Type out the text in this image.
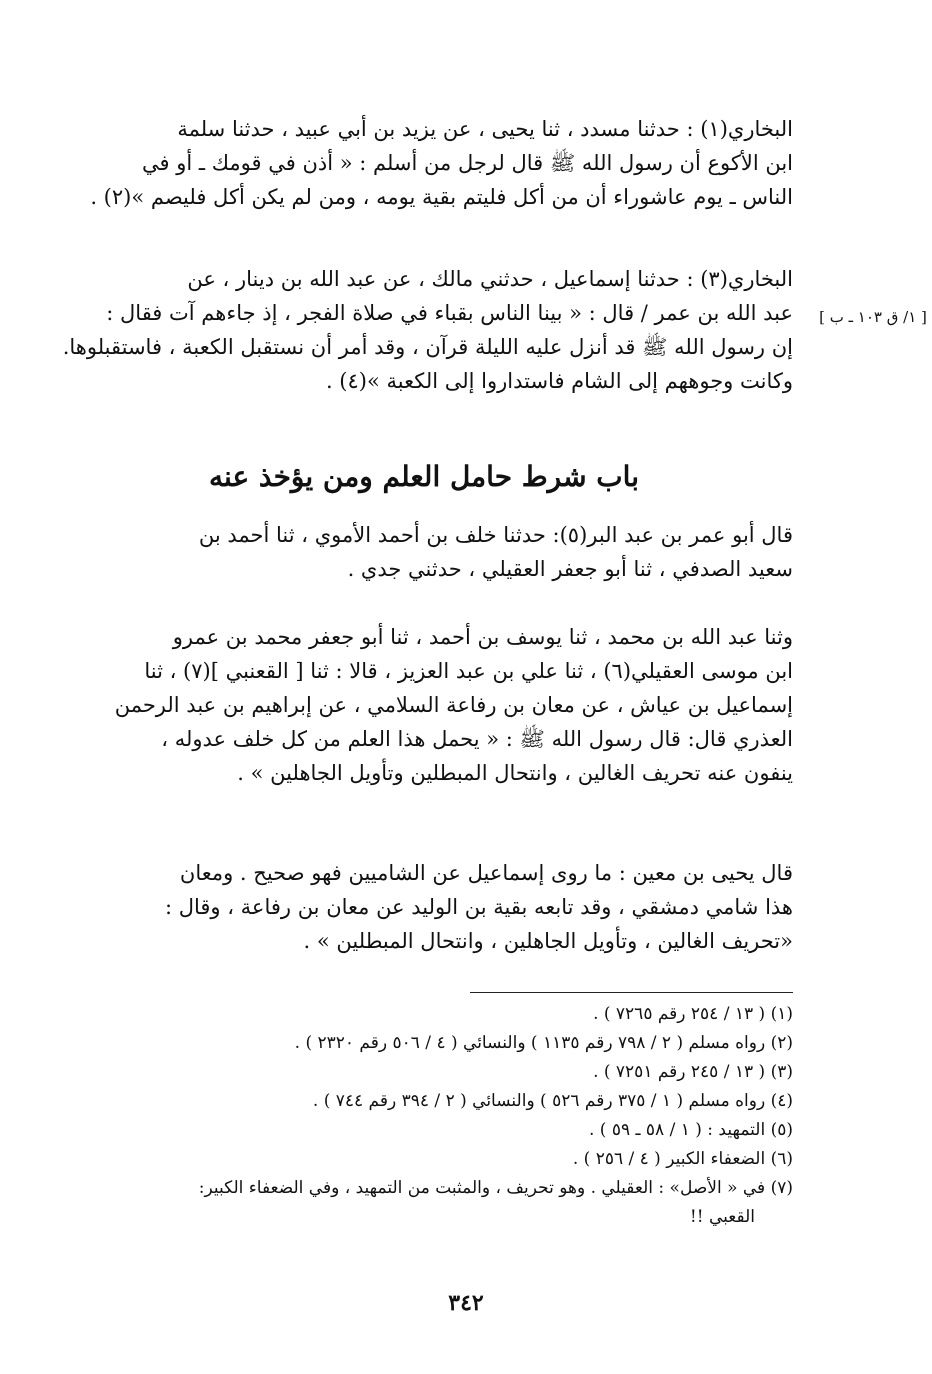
[ ١/ ق ١٠٣ ـ ب ]
البخاري(١) : حدثنا مسدد ، ثنا يحيى ، عن يزيد بن أبي عبيد ، حدثنا سلمة
ابن الأكوع أن رسول الله ﷺ قال لرجل من أسلم : « أذن في قومك ـ أو في
الناس ـ يوم عاشوراء أن من أكل فليتم بقية يومه ، ومن لم يكن أكل فليصم »(٢) .
البخاري(٣) : حدثنا إسماعيل ، حدثني مالك ، عن عبد الله بن دينار ، عن
عبد الله بن عمر / قال : « بينا الناس بقباء في صلاة الفجر ، إذ جاءهم آت فقال :
إن رسول الله ﷺ قد أنزل عليه الليلة قرآن ، وقد أمر أن نستقبل الكعبة ، فاستقبلوها.
وكانت وجوههم إلى الشام فاستداروا إلى الكعبة »(٤) .
باب شرط حامل العلم ومن يؤخذ عنه
قال أبو عمر بن عبد البر(٥): حدثنا خلف بن أحمد الأموي ، ثنا أحمد بن
سعيد الصدفي ، ثنا أبو جعفر العقيلي ، حدثني جدي .
وثنا عبد الله بن محمد ، ثنا يوسف بن أحمد ، ثنا أبو جعفر محمد بن عمرو
ابن موسى العقيلي(٦) ، ثنا علي بن عبد العزيز ، قالا : ثنا [ القعنبي ](٧) ، ثنا
إسماعيل بن عياش ، عن معان بن رفاعة السلامي ، عن إبراهيم بن عبد الرحمن
العذري قال: قال رسول الله ﷺ : « يحمل هذا العلم من كل خلف عدوله ،
ينفون عنه تحريف الغالين ، وانتحال المبطلين وتأويل الجاهلين » .
قال يحيى بن معين : ما روى إسماعيل عن الشاميين فهو صحيح . ومعان
هذا شامي دمشقي ، وقد تابعه بقية بن الوليد عن معان بن رفاعة ، وقال :
«تحريف الغالين ، وتأويل الجاهلين ، وانتحال المبطلين » .
(١) ( ١٣ / ٢٥٤ رقم ٧٢٦٥ ) .
(٢) رواه مسلم ( ٢ / ٧٩٨ رقم ١١٣٥ ) والنسائي ( ٤ / ٥٠٦ رقم ٢٣٢٠ ) .
(٣) ( ١٣ / ٢٤٥ رقم ٧٢٥١ ) .
(٤) رواه مسلم ( ١ / ٣٧٥ رقم ٥٢٦ ) والنسائي ( ٢ / ٣٩٤ رقم ٧٤٤ ) .
(٥) التمهيد : ( ١ / ٥٨ ـ ٥٩ ) .
(٦) الضعفاء الكبير ( ٤ / ٢٥٦ ) .
(٧) في « الأصل» : العقيلي . وهو تحريف ، والمثبت من التمهيد ، وفي الضعفاء الكبير:
القعبي !!
٣٤٢
